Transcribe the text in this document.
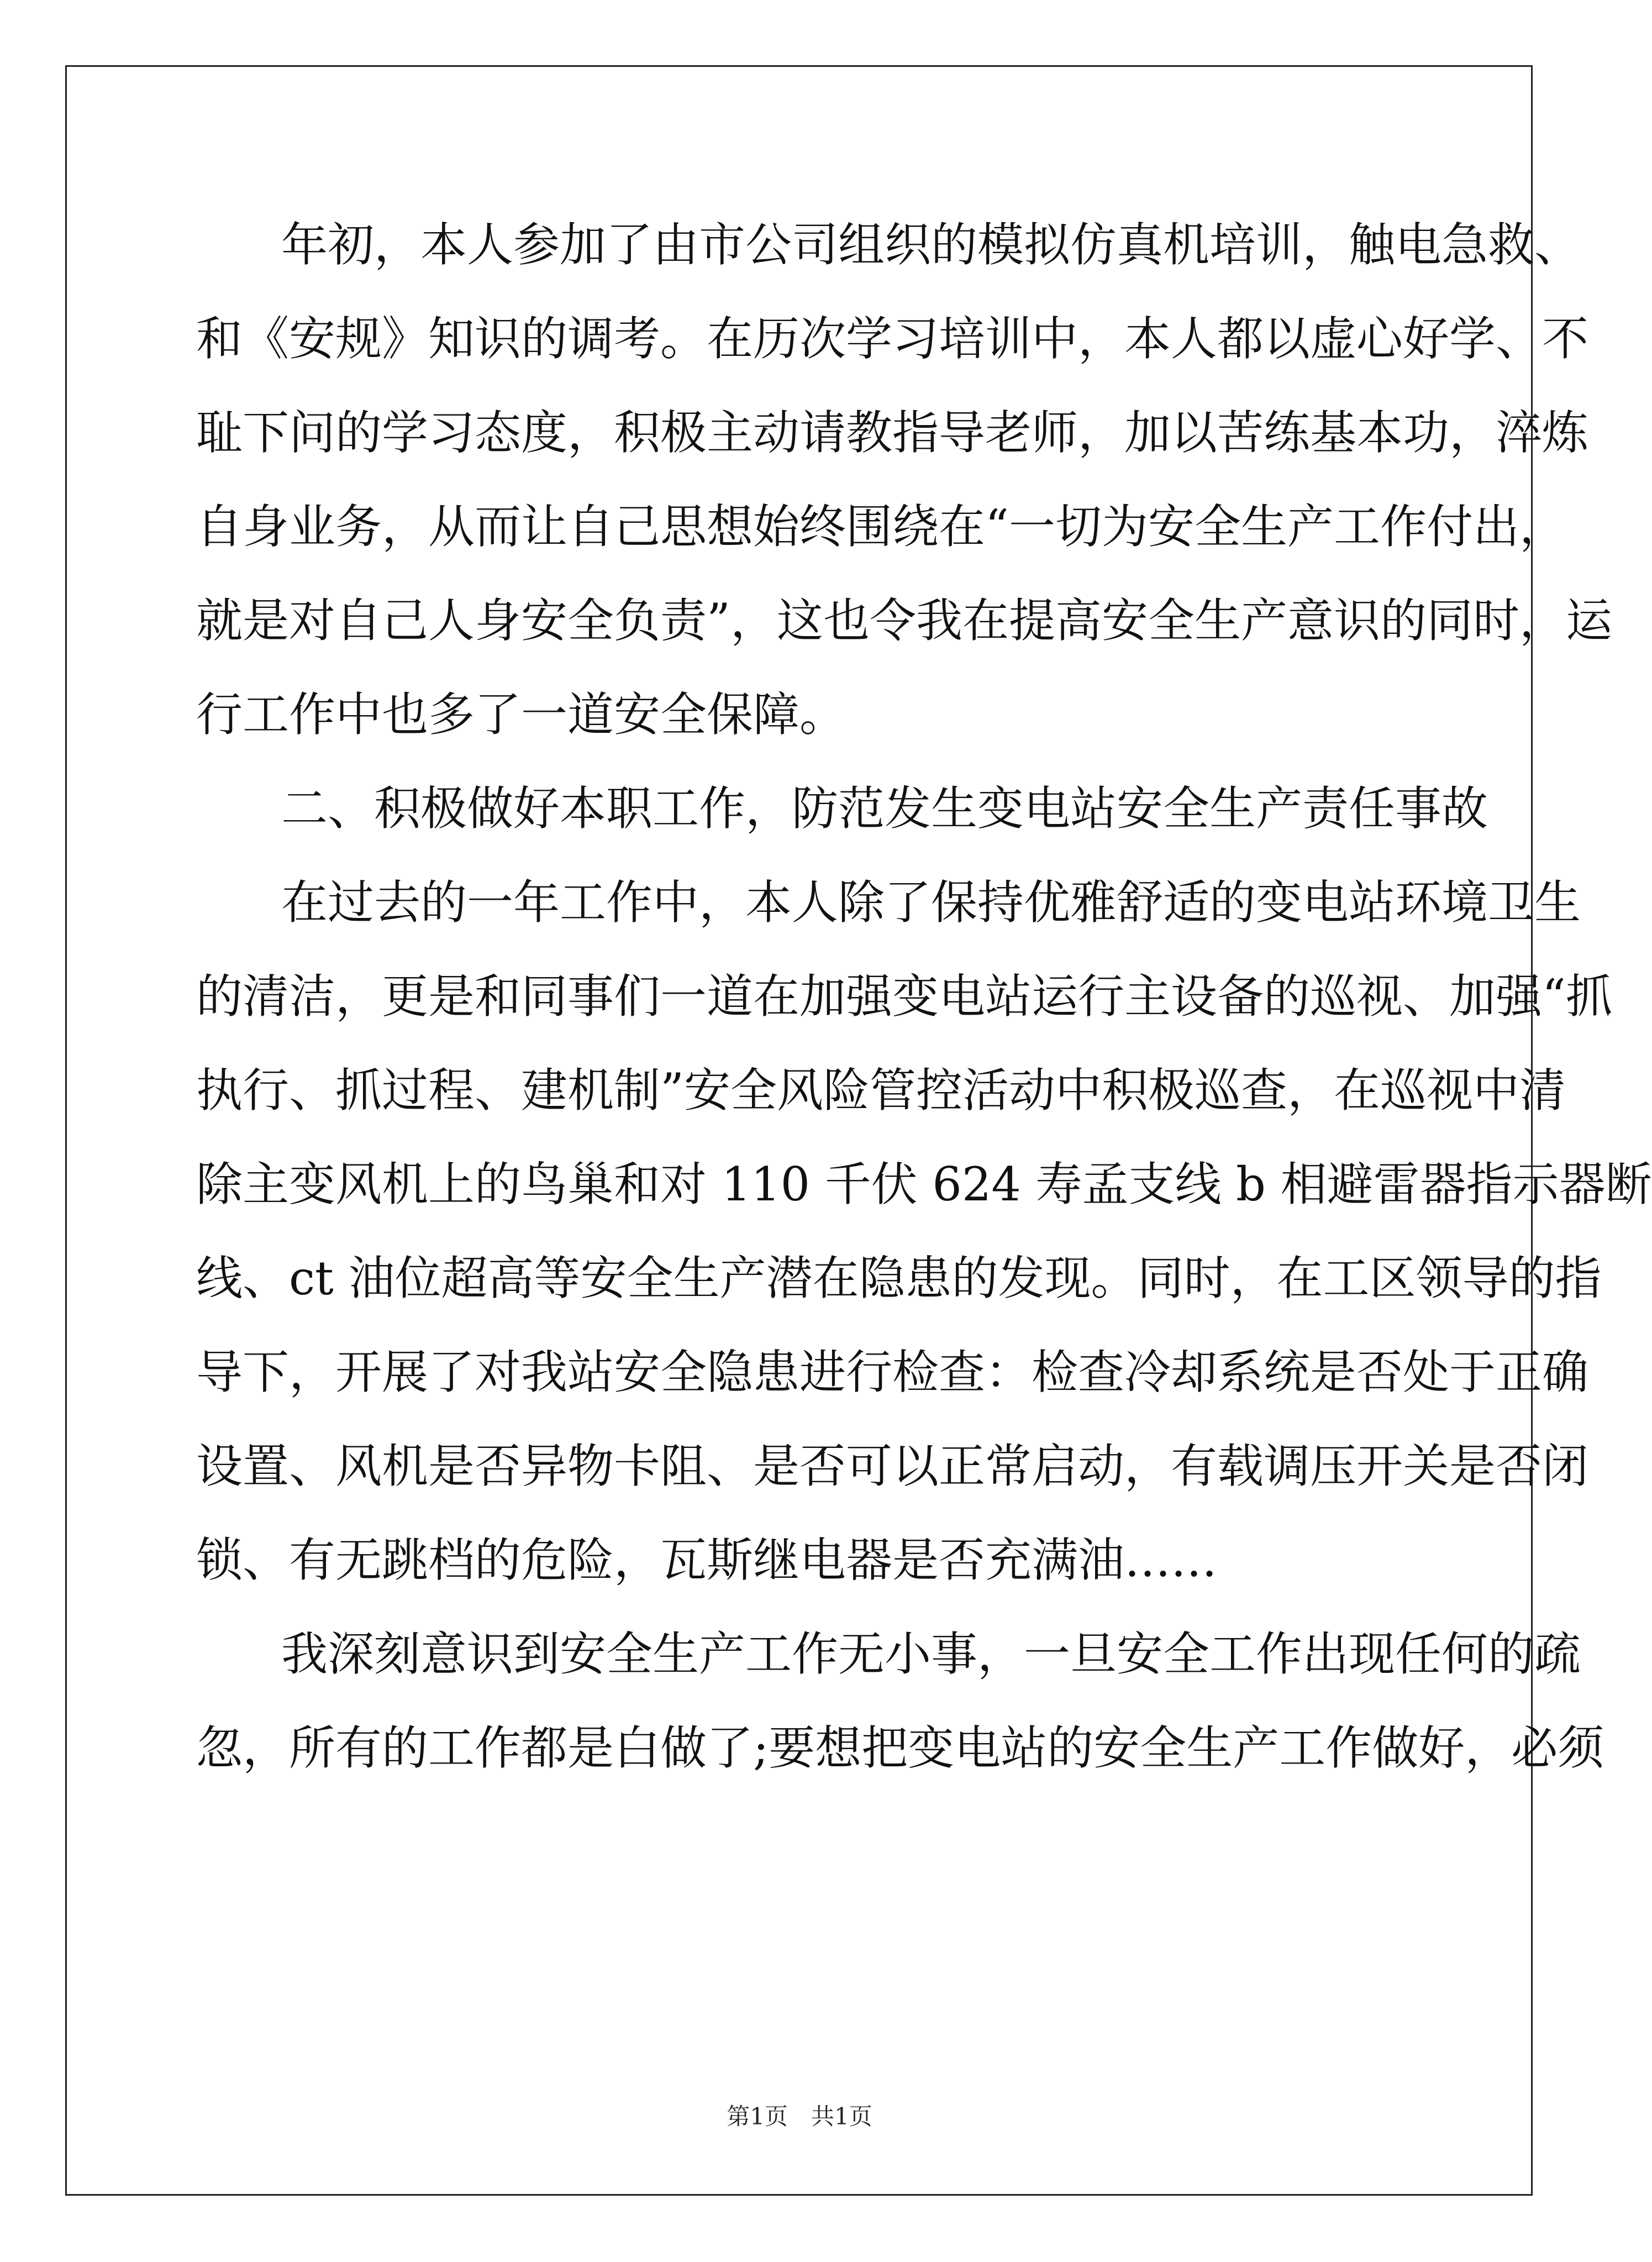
年初，本人参加了由市公司组织的模拟仿真机培训，触电急救、
和《安规》知识的调考。在历次学习培训中，本人都以虚心好学、不
耻下问的学习态度，积极主动请教指导老师，加以苦练基本功，淬炼
自身业务，从而让自己思想始终围绕在“一切为安全生产工作付出，
就是对自己人身安全负责”，这也令我在提高安全生产意识的同时，运
行工作中也多了一道安全保障。
二、积极做好本职工作，防范发生变电站安全生产责任事故
在过去的一年工作中，本人除了保持优雅舒适的变电站环境卫生
的清洁，更是和同事们一道在加强变电站运行主设备的巡视、加强“抓
执行、抓过程、建机制”安全风险管控活动中积极巡查，在巡视中清
除主变风机上的鸟巢和对 110 千伏 624 寿孟支线 b 相避雷器指示器断
线、ct 油位超高等安全生产潜在隐患的发现。同时，在工区领导的指
导下，开展了对我站安全隐患进行检查：检查冷却系统是否处于正确
设置、风机是否异物卡阻、是否可以正常启动，有载调压开关是否闭
锁、有无跳档的危险，瓦斯继电器是否充满油……
我深刻意识到安全生产工作无小事，一旦安全工作出现任何的疏
忽，所有的工作都是白做了;要想把变电站的安全生产工作做好，必须
第1页　共1页
